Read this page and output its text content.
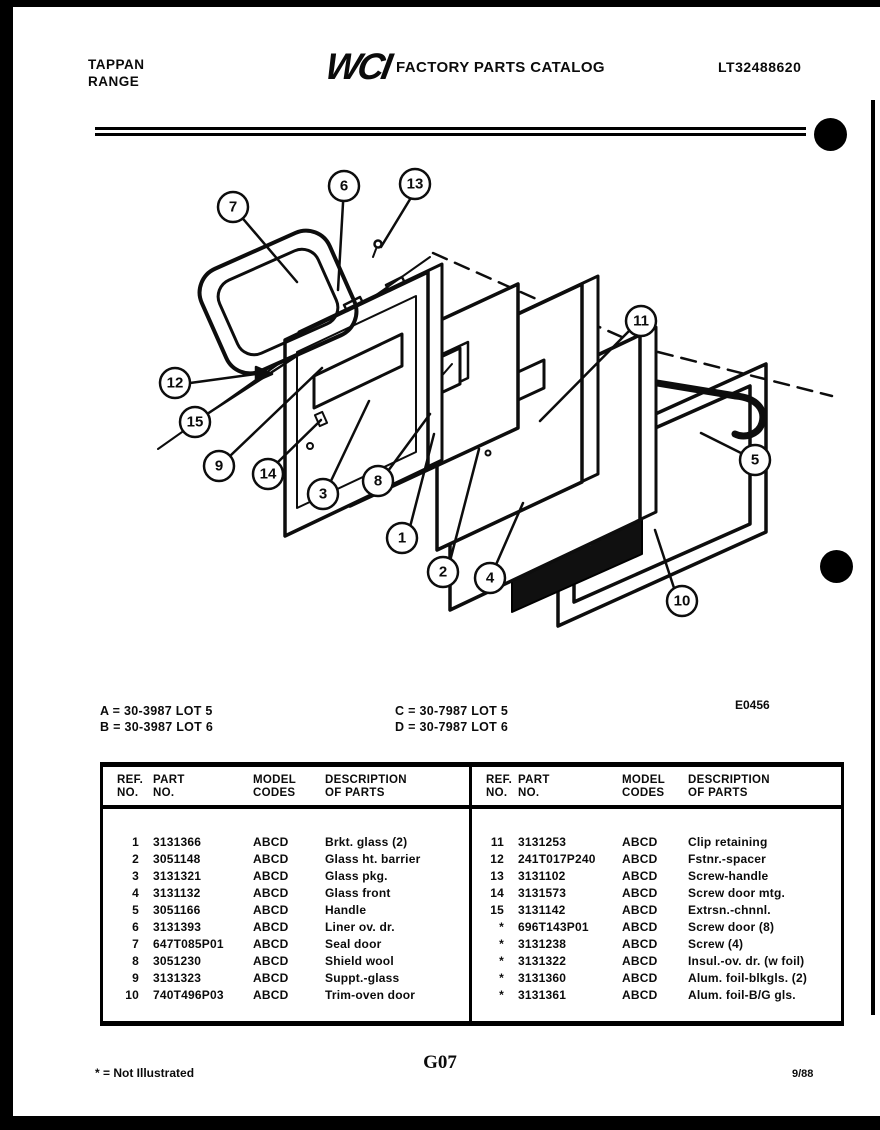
TAPPAN
RANGE	WCI FACTORY PARTS CATALOG	LT32488620
7
6	13
12
15
9 14
3
8
1
2	4
11
5
10
A = 30-3987 LOT 5
B = 30-3987 LOT 6
C = 30-7987 LOT 5
D = 30-7987 LOT 6
E0456
REF.
NO.
PART
NO.
MODEL
CODES
DESCRIPTION
OF PARTS
1 3131366	ABCD	Brkt. glass (2)
2 3051148	ABCD	Glass ht. barrier
3 3131321	ABCD	Glass pkg.
4 3131132	ABCD	Glass front
5 3051166	ABCD	Handle
6 3131393	ABCD	Liner ov. dr.
7 647T085P01	ABCD	Seal door
8 3051230	ABCD	Shield wool
9 3131323	ABCD	Suppt.-glass
10 740T496P03	ABCD	Trim-oven door
REF.
NO.
PART
NO.
MODEL
CODES
DESCRIPTION
OF PARTS
11 3131253	ABCD	Clip retaining
12 241T017P240	ABCD	Fstnr.-spacer
13 3131102	ABCD	Screw-handle
14 3131573	ABCD	Screw door mtg.
15 3131142	ABCD	Extrsn.-chnnl.
* 696T143P01	ABCD	Screw door (8)
* 3131238	ABCD	Screw (4)
* 3131322	ABCD	Insul.-ov. dr. (w foil)
* 3131360	ABCD	Alum. foil-blkgls. (2)
* 3131361	ABCD	Alum. foil-B/G gls.
* = Not Illustrated	G07
9/88
